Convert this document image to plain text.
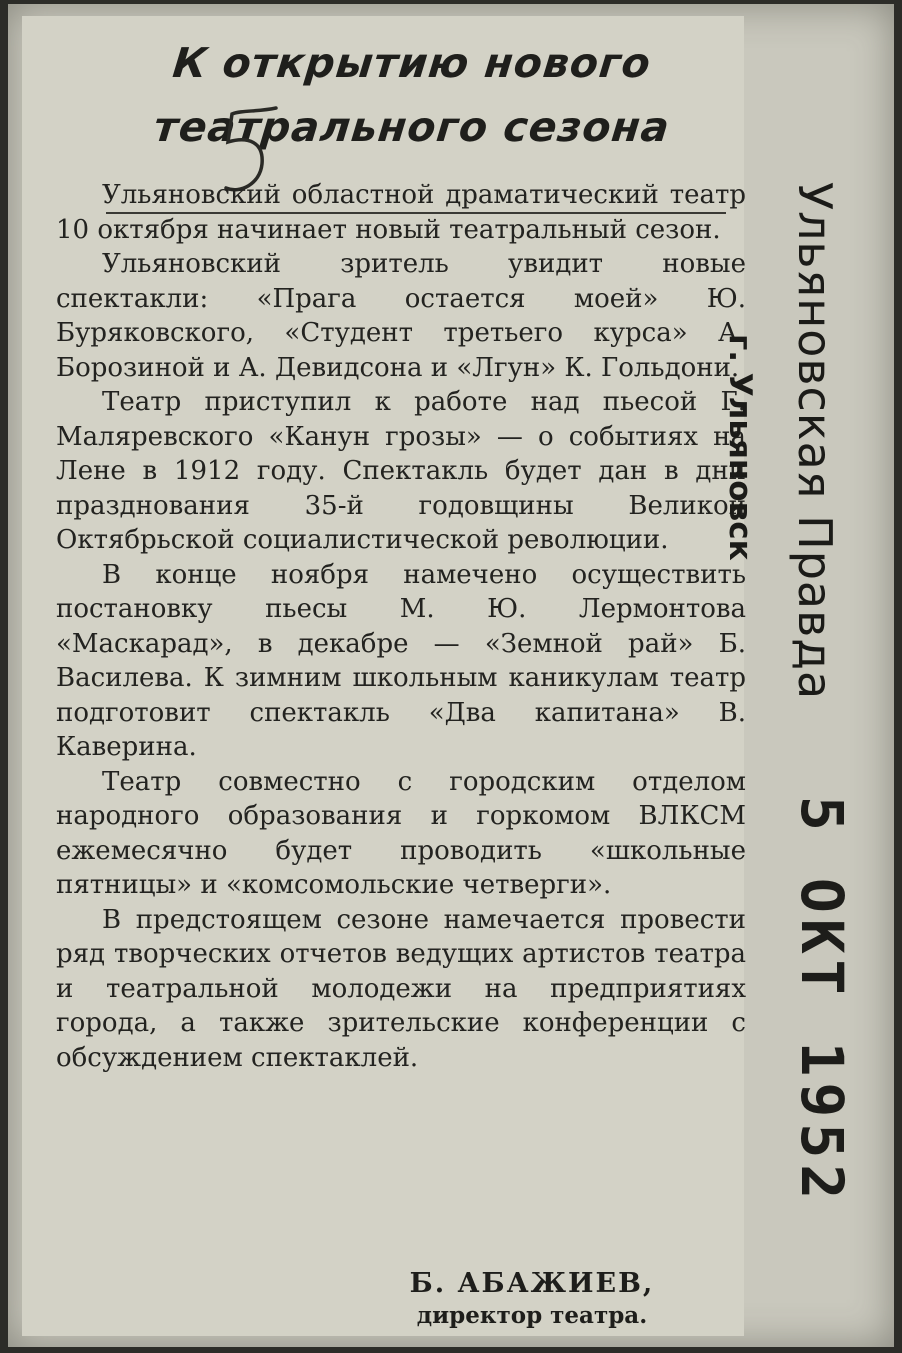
К открытию нового
театрального сезона

Ульяновский областной драматический театр 10 октября начинает новый театральный сезон.

Ульяновский зритель увидит новые спектакли: «Прага остается моей» Ю. Буряковского, «Студент третьего курса» А. Борозиной и А. Девидсона и «Лгун» К. Гольдони.

Театр приступил к работе над пьесой Г. Маляревского «Канун грозы» — о событиях на Лене в 1912 году. Спектакль будет дан в дни празднования 35-й годовщины Великой Октябрьской социалистической революции.

В конце ноября намечено осуществить постановку пьесы М. Ю. Лермонтова «Маскарад», в декабре — «Земной рай» Б. Василева. К зимним школьным каникулам театр подготовит спектакль «Два капитана» В. Каверина.

Театр совместно с городским отделом народного образования и горкомом ВЛКСМ ежемесячно будет проводить «школьные пятницы» и «комсомольские четверги».

В предстоящем сезоне намечается провести ряд творческих отчетов ведущих артистов театра и театральной молодежи на предприятиях города, а также зрительские конференции с обсуждением спектаклей.

Б. АБАЖИЕВ,
директор театра.
Ульяновская Правда
г. Ульяновск
5 ОКТ 1952
